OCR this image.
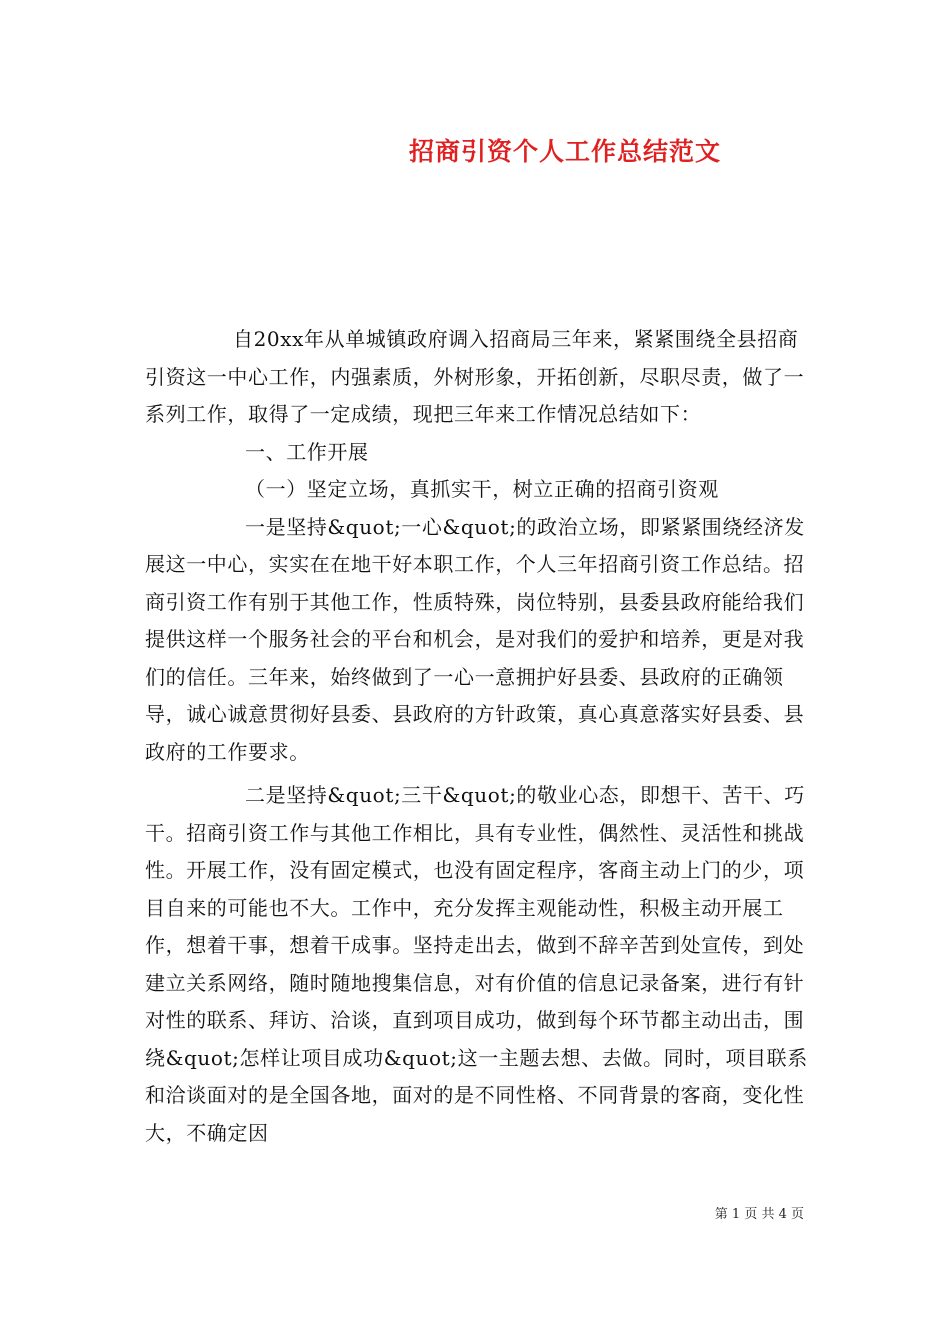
招商引资个人工作总结范文

自20xx年从单城镇政府调入招商局三年来，紧紧围绕全县招商引资这一中心工作，内强素质，外树形象，开拓创新，尽职尽责，做了一系列工作，取得了一定成绩，现把三年来工作情况总结如下：

一、工作开展

（一）坚定立场，真抓实干，树立正确的招商引资观

一是坚持&quot;一心&quot;的政治立场，即紧紧围绕经济发展这一中心，实实在在地干好本职工作，个人三年招商引资工作总结。招商引资工作有别于其他工作，性质特殊，岗位特别，县委县政府能给我们提供这样一个服务社会的平台和机会，是对我们的爱护和培养，更是对我们的信任。三年来，始终做到了一心一意拥护好县委、县政府的正确领导，诚心诚意贯彻好县委、县政府的方针政策，真心真意落实好县委、县政府的工作要求。

二是坚持&quot;三干&quot;的敬业心态，即想干、苦干、巧干。招商引资工作与其他工作相比，具有专业性，偶然性、灵活性和挑战性。开展工作，没有固定模式，也没有固定程序，客商主动上门的少，项目自来的可能也不大。工作中，充分发挥主观能动性，积极主动开展工作，想着干事，想着干成事。坚持走出去，做到不辞辛苦到处宣传，到处建立关系网络，随时随地搜集信息，对有价值的信息记录备案，进行有针对性的联系、拜访、洽谈，直到项目成功，做到每个环节都主动出击，围绕&quot;怎样让项目成功&quot;这一主题去想、去做。同时，项目联系和洽谈面对的是全国各地，面对的是不同性格、不同背景的客商，变化性大，不确定因

第 1 页 共 4 页
